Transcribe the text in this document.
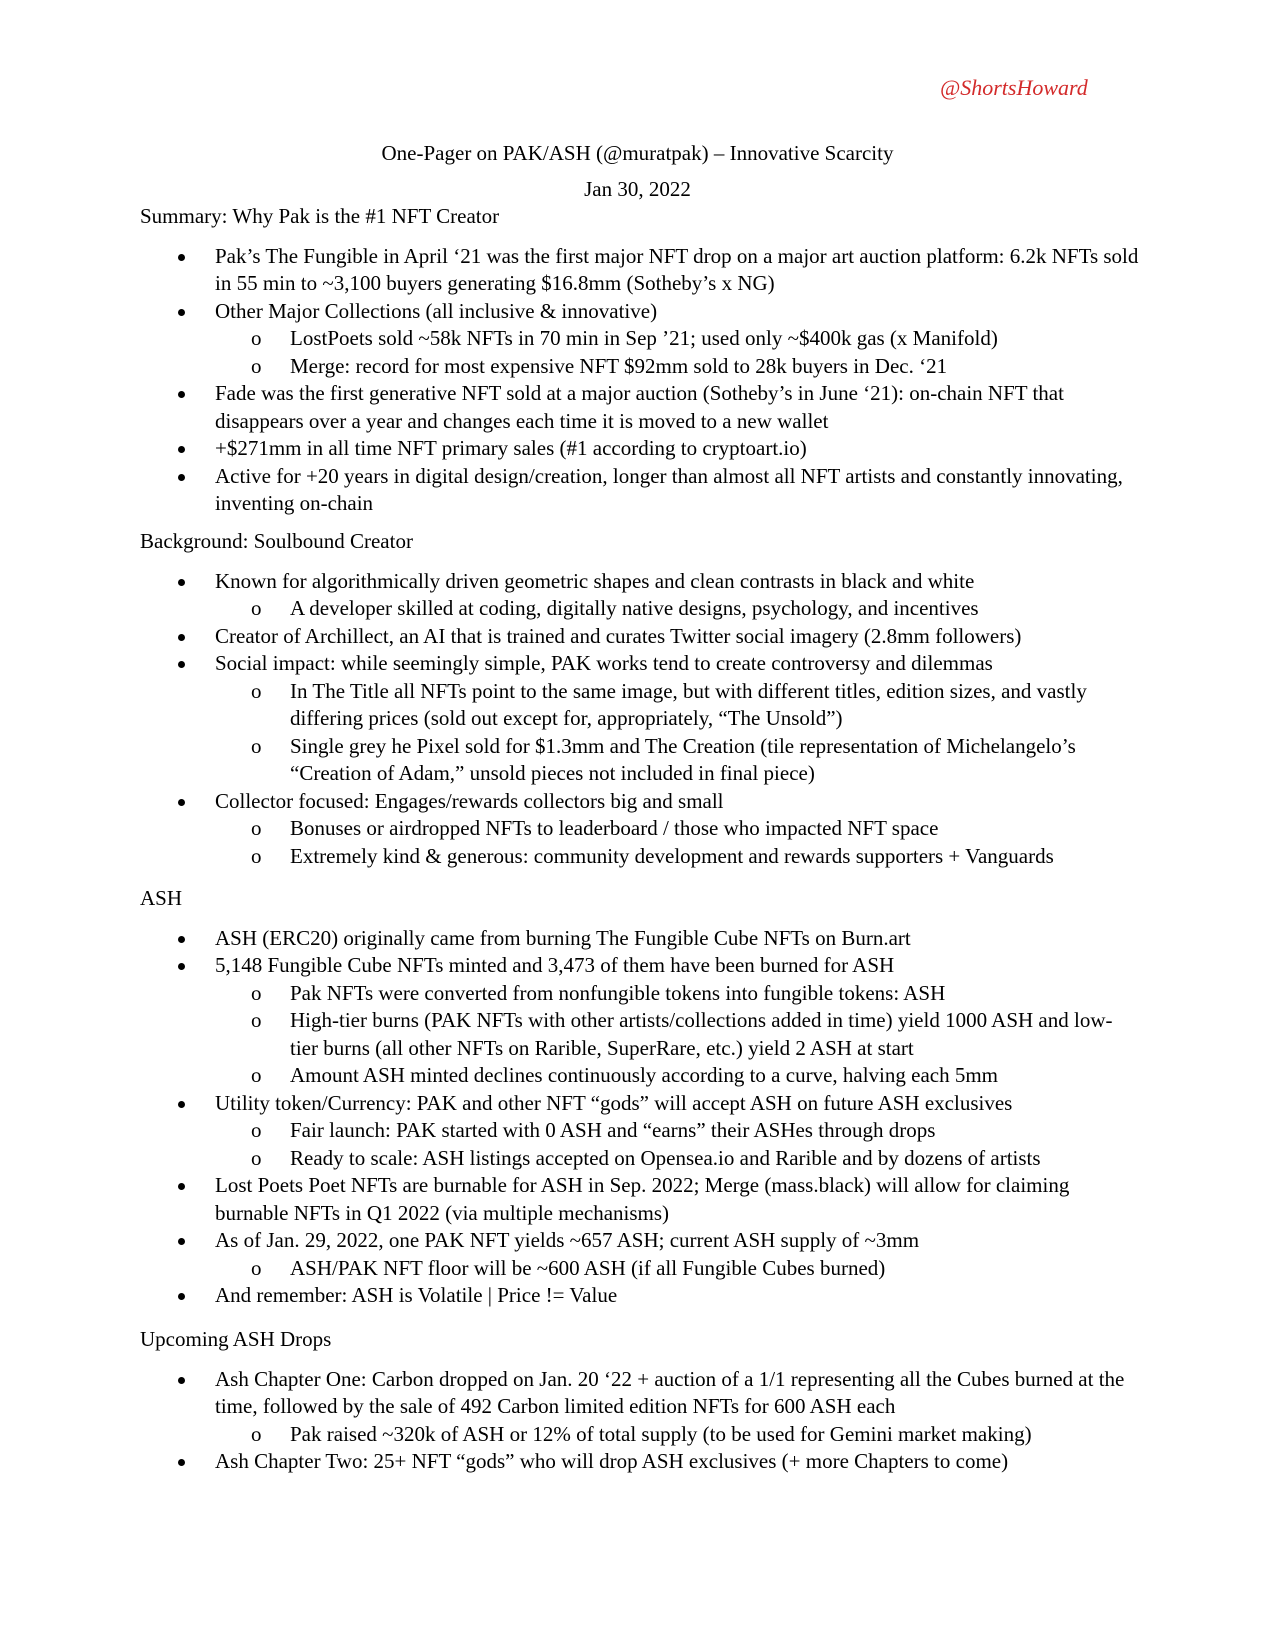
@ShortsHoward
One-Pager on PAK/ASH (@muratpak) – Innovative Scarcity
Jan 30, 2022
Summary: Why Pak is the #1 NFT Creator
Pak’s The Fungible in April ‘21 was the first major NFT drop on a major art auction platform: 6.2k NFTs sold in 55 min to ~3,100 buyers generating $16.8mm (Sotheby’s x NG)
Other Major Collections (all inclusive & innovative)
o LostPoets sold ~58k NFTs in 70 min in Sep ’21; used only ~$400k gas (x Manifold)
o Merge: record for most expensive NFT $92mm sold to 28k buyers in Dec. ‘21
Fade was the first generative NFT sold at a major auction (Sotheby’s in June ‘21): on-chain NFT that disappears over a year and changes each time it is moved to a new wallet
+$271mm in all time NFT primary sales (#1 according to cryptoart.io)
Active for +20 years in digital design/creation, longer than almost all NFT artists and constantly innovating, inventing on-chain
Background: Soulbound Creator
Known for algorithmically driven geometric shapes and clean contrasts in black and white
o A developer skilled at coding, digitally native designs, psychology, and incentives
Creator of Archillect, an AI that is trained and curates Twitter social imagery (2.8mm followers)
Social impact: while seemingly simple, PAK works tend to create controversy and dilemmas
o In The Title all NFTs point to the same image, but with different titles, edition sizes, and vastly differing prices (sold out except for, appropriately, “The Unsold”)
o Single grey he Pixel sold for $1.3mm and The Creation (tile representation of Michelangelo’s “Creation of Adam,” unsold pieces not included in final piece)
Collector focused: Engages/rewards collectors big and small
o Bonuses or airdropped NFTs to leaderboard / those who impacted NFT space
o Extremely kind & generous: community development and rewards supporters + Vanguards
ASH
ASH (ERC20) originally came from burning The Fungible Cube NFTs on Burn.art
5,148 Fungible Cube NFTs minted and 3,473 of them have been burned for ASH
o Pak NFTs were converted from nonfungible tokens into fungible tokens: ASH
o High-tier burns (PAK NFTs with other artists/collections added in time) yield 1000 ASH and low-tier burns (all other NFTs on Rarible, SuperRare, etc.) yield 2 ASH at start
o Amount ASH minted declines continuously according to a curve, halving each 5mm
Utility token/Currency: PAK and other NFT “gods” will accept ASH on future ASH exclusives
o Fair launch: PAK started with 0 ASH and “earns” their ASHes through drops
o Ready to scale: ASH listings accepted on Opensea.io and Rarible and by dozens of artists
Lost Poets Poet NFTs are burnable for ASH in Sep. 2022; Merge (mass.black) will allow for claiming burnable NFTs in Q1 2022 (via multiple mechanisms)
As of Jan. 29, 2022, one PAK NFT yields ~657 ASH; current ASH supply of ~3mm
o ASH/PAK NFT floor will be ~600 ASH (if all Fungible Cubes burned)
And remember: ASH is Volatile | Price != Value
Upcoming ASH Drops
Ash Chapter One: Carbon dropped on Jan. 20 ‘22 + auction of a 1/1 representing all the Cubes burned at the time, followed by the sale of 492 Carbon limited edition NFTs for 600 ASH each
o Pak raised ~320k of ASH or 12% of total supply (to be used for Gemini market making)
Ash Chapter Two: 25+ NFT “gods” who will drop ASH exclusives (+ more Chapters to come)
